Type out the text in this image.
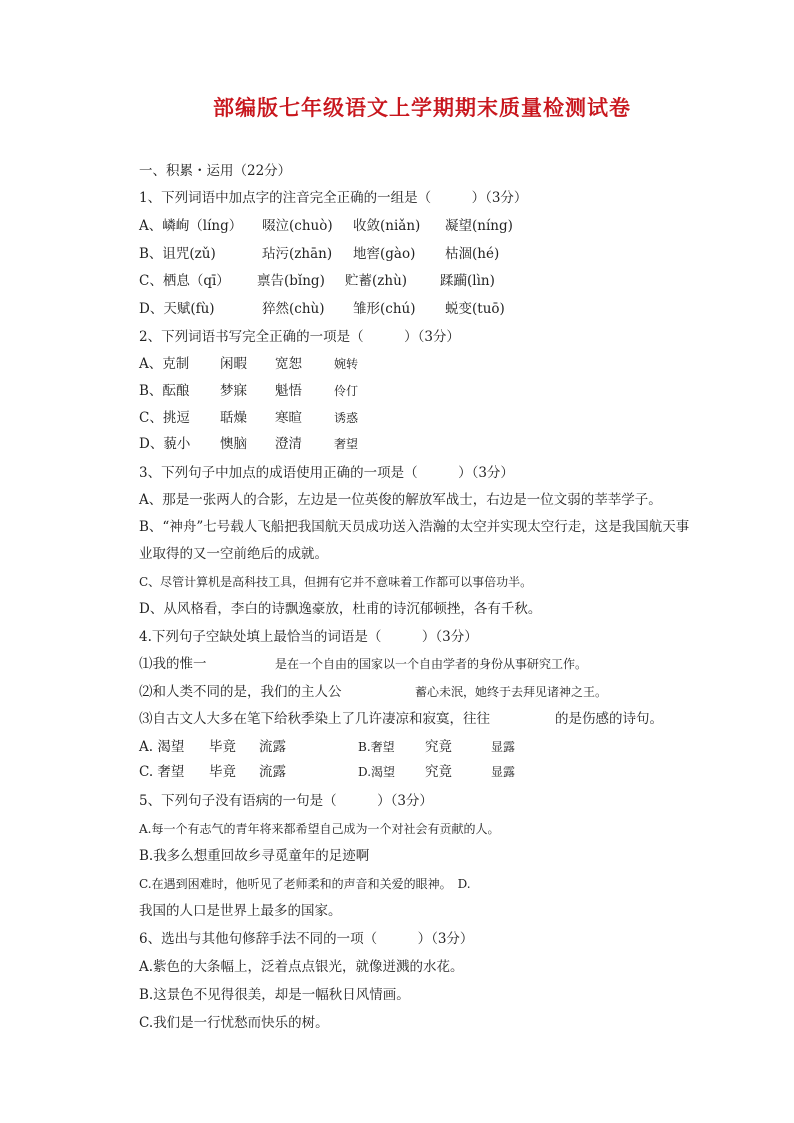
部编版七年级语文上学期期末质量检测试卷
一、积累・运用（22分）
1、下列词语中加点字的注音完全正确的一组是（　　　）（3分）
A、嶙峋（líng） 啜泣(chuò) 收敛(niǎn) 凝望(níng)
B、诅咒(zǔ)	玷污(zhān) 地窖(gào) 枯涸(hé)
C、栖息（qī） 禀告(bǐng) 贮蓄(zhù) 蹂躏(lìn)
D、天赋(fù)	猝然(chù) 雏形(chú) 蜕变(tuō)
2、下列词语书写完全正确的一项是（　　　）（3分）
A、克制 闲暇 宽恕	婉转
B、酝酿 梦寐 魁悟	伶仃
C、挑逗 聒燥 寒暄	诱惑
D、藐小 懊脑 澄清	奢望
3、下列句子中加点的成语使用正确的一项是（　　　）（3分）
A、那是一张两人的合影，左边是一位英俊的解放军战士，右边是一位文弱的莘莘学子。
B、“神舟”七号载人飞船把我国航天员成功送入浩瀚的太空并实现太空行走，这是我国航天事
业取得的又一空前绝后的成就。
C、尽管计算机是高科技工具，但拥有它并不意味着工作都可以事倍功半。
D、从风格看，李白的诗飘逸豪放，杜甫的诗沉郁顿挫，各有千秋。
4.下列句子空缺处填上最恰当的词语是（　　　）（3分）
⑴我的惟一	是在一个自由的国家以一个自由学者的身份从事研究工作。
⑵和人类不同的是，我们的主人公	蓄心未泯，她终于去拜见诸神之王。
⑶自古文人大多在笔下给秋季染上了几许凄凉和寂寞，往往	的是伤感的诗句。
A. 渴望 毕竟 流露	B.奢望 究竟	显露
C. 奢望 毕竟 流露	D.渴望 究竟	显露
5、下列句子没有语病的一句是（　　　）（3分）
A.每一个有志气的青年将来都希望自己成为一个对社会有贡献的人。
B.我多么想重回故乡寻觅童年的足迹啊
C.在遇到困难时，他听见了老师柔和的声音和关爱的眼神。　D.
我国的人口是世界上最多的国家。
6、选出与其他句修辞手法不同的一项（　　　）（3分）
A.紫色的大条幅上，泛着点点银光，就像迸溅的水花。
B.这景色不见得很美，却是一幅秋日风情画。
C.我们是一行忧愁而快乐的树。
